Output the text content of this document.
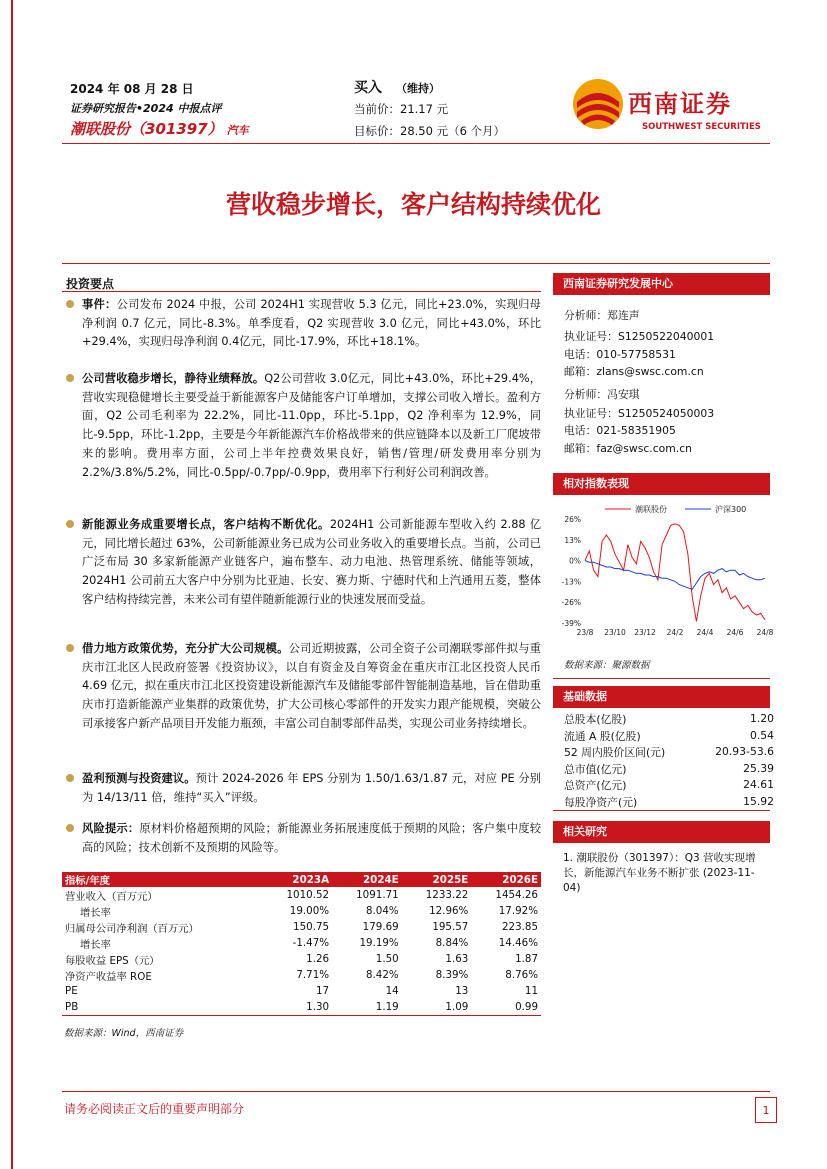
2024 年 08 月 28 日
证券研究报告•2024 中报点评
潮联股份（301397） 汽车
买入 （维持）
当前价：21.17 元
目标价：28.50 元（6 个月）
西南证券
SOUTHWEST SECURITIES
营收稳步增长，客户结构持续优化
投资要点
事件：公司发布 2024 中报，公司 2024H1 实现营收 5.3 亿元，同比+23.0%，实现归母净利润 0.7 亿元，同比-8.3%。单季度看，Q2 实现营收 3.0 亿元，同比+43.0%，环比+29.4%，实现归母净利润 0.4亿元，同比-17.9%，环比+18.1%。
公司营收稳步增长，静待业绩释放。Q2公司营收 3.0亿元，同比+43.0%，环比+29.4%，营收实现稳健增长主要受益于新能源客户及储能客户订单增加，支撑公司收入增长。盈利方面，Q2 公司毛利率为 22.2%，同比-11.0pp，环比-5.1pp，Q2 净利率为 12.9%，同比-9.5pp，环比-1.2pp，主要是今年新能源汽车价格战带来的供应链降本以及新工厂爬坡带来的影响。费用率方面，公司上半年控费效果良好，销售/管理/研发费用率分别为 2.2%/3.8%/5.2%，同比-0.5pp/-0.7pp/-0.9pp，费用率下行利好公司利润改善。
新能源业务成重要增长点，客户结构不断优化。2024H1 公司新能源车型收入约 2.88 亿元，同比增长超过 63%，公司新能源业务已成为公司业务收入的重要增长点。当前，公司已广泛布局 30 多家新能源产业链客户，遍布整车、动力电池、热管理系统、储能等领域，2024H1 公司前五大客户中分别为比亚迪、长安、赛力斯、宁德时代和上汽通用五菱，整体客户结构持续完善，未来公司有望伴随新能源行业的快速发展而受益。
借力地方政策优势，充分扩大公司规模。公司近期披露，公司全资子公司潮联零部件拟与重庆市江北区人民政府签署《投资协议》，以自有资金及自筹资金在重庆市江北区投资人民币 4.69 亿元，拟在重庆市江北区投资建设新能源汽车及储能零部件智能制造基地，旨在借助重庆市打造新能源产业集群的政策优势，扩大公司核心零部件的开发实力跟产能规模，突破公司承接客户新产品项目开发能力瓶颈，丰富公司自制零部件品类，实现公司业务持续增长。
盈利预测与投资建议。预计 2024-2026 年 EPS 分别为 1.50/1.63/1.87 元，对应 PE 分别为 14/13/11 倍，维持“买入”评级。
风险提示：原材料价格超预期的风险；新能源业务拓展速度低于预期的风险；客户集中度较高的风险；技术创新不及预期的风险等。
指标/年度	2023A	2024E	2025E	2026E
营业收入（百万元）	1010.52	1091.71	1233.22	1454.26
增长率	19.00%	8.04%	12.96%	17.92%
归属母公司净利润（百万元）	150.75	179.69	195.57	223.85
增长率	-1.47%	19.19%	8.84%	14.46%
每股收益 EPS（元）	1.26	1.50	1.63	1.87
净资产收益率 ROE	7.71%	8.42%	8.39%	8.76%
PE	17	14	13	11
PB	1.30	1.19	1.09	0.99
数据来源：Wind，西南证券
西南证券研究发展中心
分析师：郑连声
执业证号：S1250522040001
电话：010-57758531
邮箱：zlans@swsc.com.cn
分析师：冯安琪
执业证号：S1250524050003
电话：021-58351905
邮箱：faz@swsc.com.cn
相对指数表现
26%
13%
0%
-13%
-26%
-39%
23/8 23/10 23/12 24/2 24/4 24/6 24/8
潮联股份	沪深300
数据来源：聚源数据
基础数据
总股本(亿股)	1.20
流通 A 股(亿股)	0.54
52 周内股价区间(元)	20.93-53.6
总市值(亿元)	25.39
总资产(亿元)	24.61
每股净资产(元)	15.92
相关研究
1. 潮联股份（301397）：Q3 营收实现增长，新能源汽车业务不断扩张 (2023-11-04)
请务必阅读正文后的重要声明部分	1
